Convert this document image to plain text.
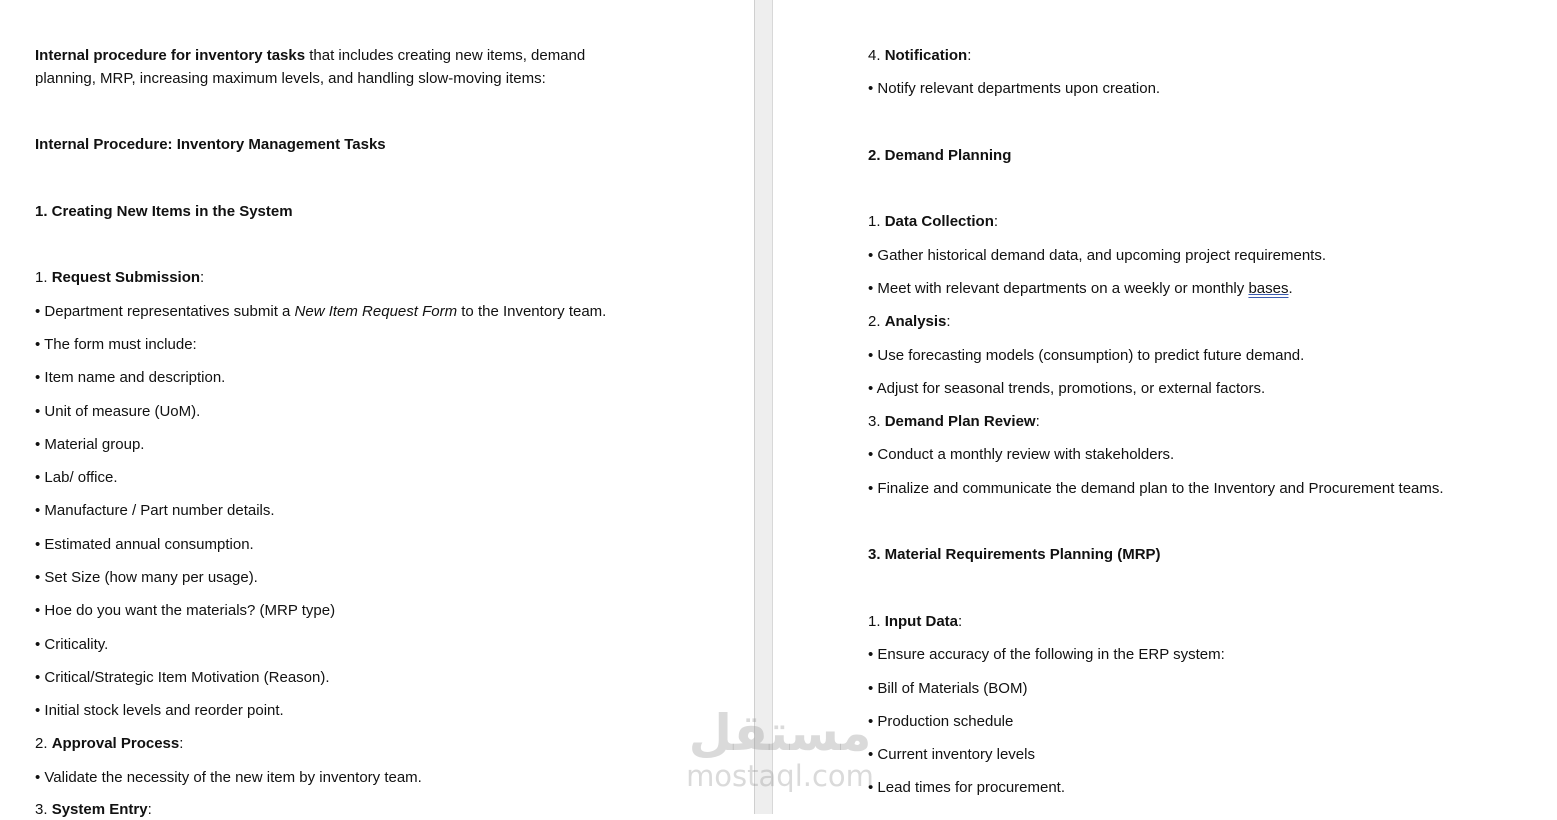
Internal procedure for inventory tasks that includes creating new items, demand
planning, MRP, increasing maximum levels, and handling slow-moving items:
Internal Procedure: Inventory Management Tasks
1. Creating New Items in the System
1. Request Submission:
• Department representatives submit a New Item Request Form to the Inventory team.
• The form must include:
• Item name and description.
• Unit of measure (UoM).
• Material group.
• Lab/ office.
• Manufacture / Part number details.
• Estimated annual consumption.
• Set Size (how many per usage).
• Hoe do you want the materials? (MRP type)
• Criticality.
• Critical/Strategic Item Motivation (Reason).
• Initial stock levels and reorder point.
2. Approval Process:
• Validate the necessity of the new item by inventory team.
3. System Entry:
4. Notification:
• Notify relevant departments upon creation.
2. Demand Planning
1. Data Collection:
• Gather historical demand data, and upcoming project requirements.
• Meet with relevant departments on a weekly or monthly bases.
2. Analysis:
• Use forecasting models (consumption) to predict future demand.
• Adjust for seasonal trends, promotions, or external factors.
3. Demand Plan Review:
• Conduct a monthly review with stakeholders.
• Finalize and communicate the demand plan to the Inventory and Procurement teams.
3. Material Requirements Planning (MRP)
1. Input Data:
• Ensure accuracy of the following in the ERP system:
• Bill of Materials (BOM)
• Production schedule
• Current inventory levels
• Lead times for procurement.
مستقل
mostaql.com
